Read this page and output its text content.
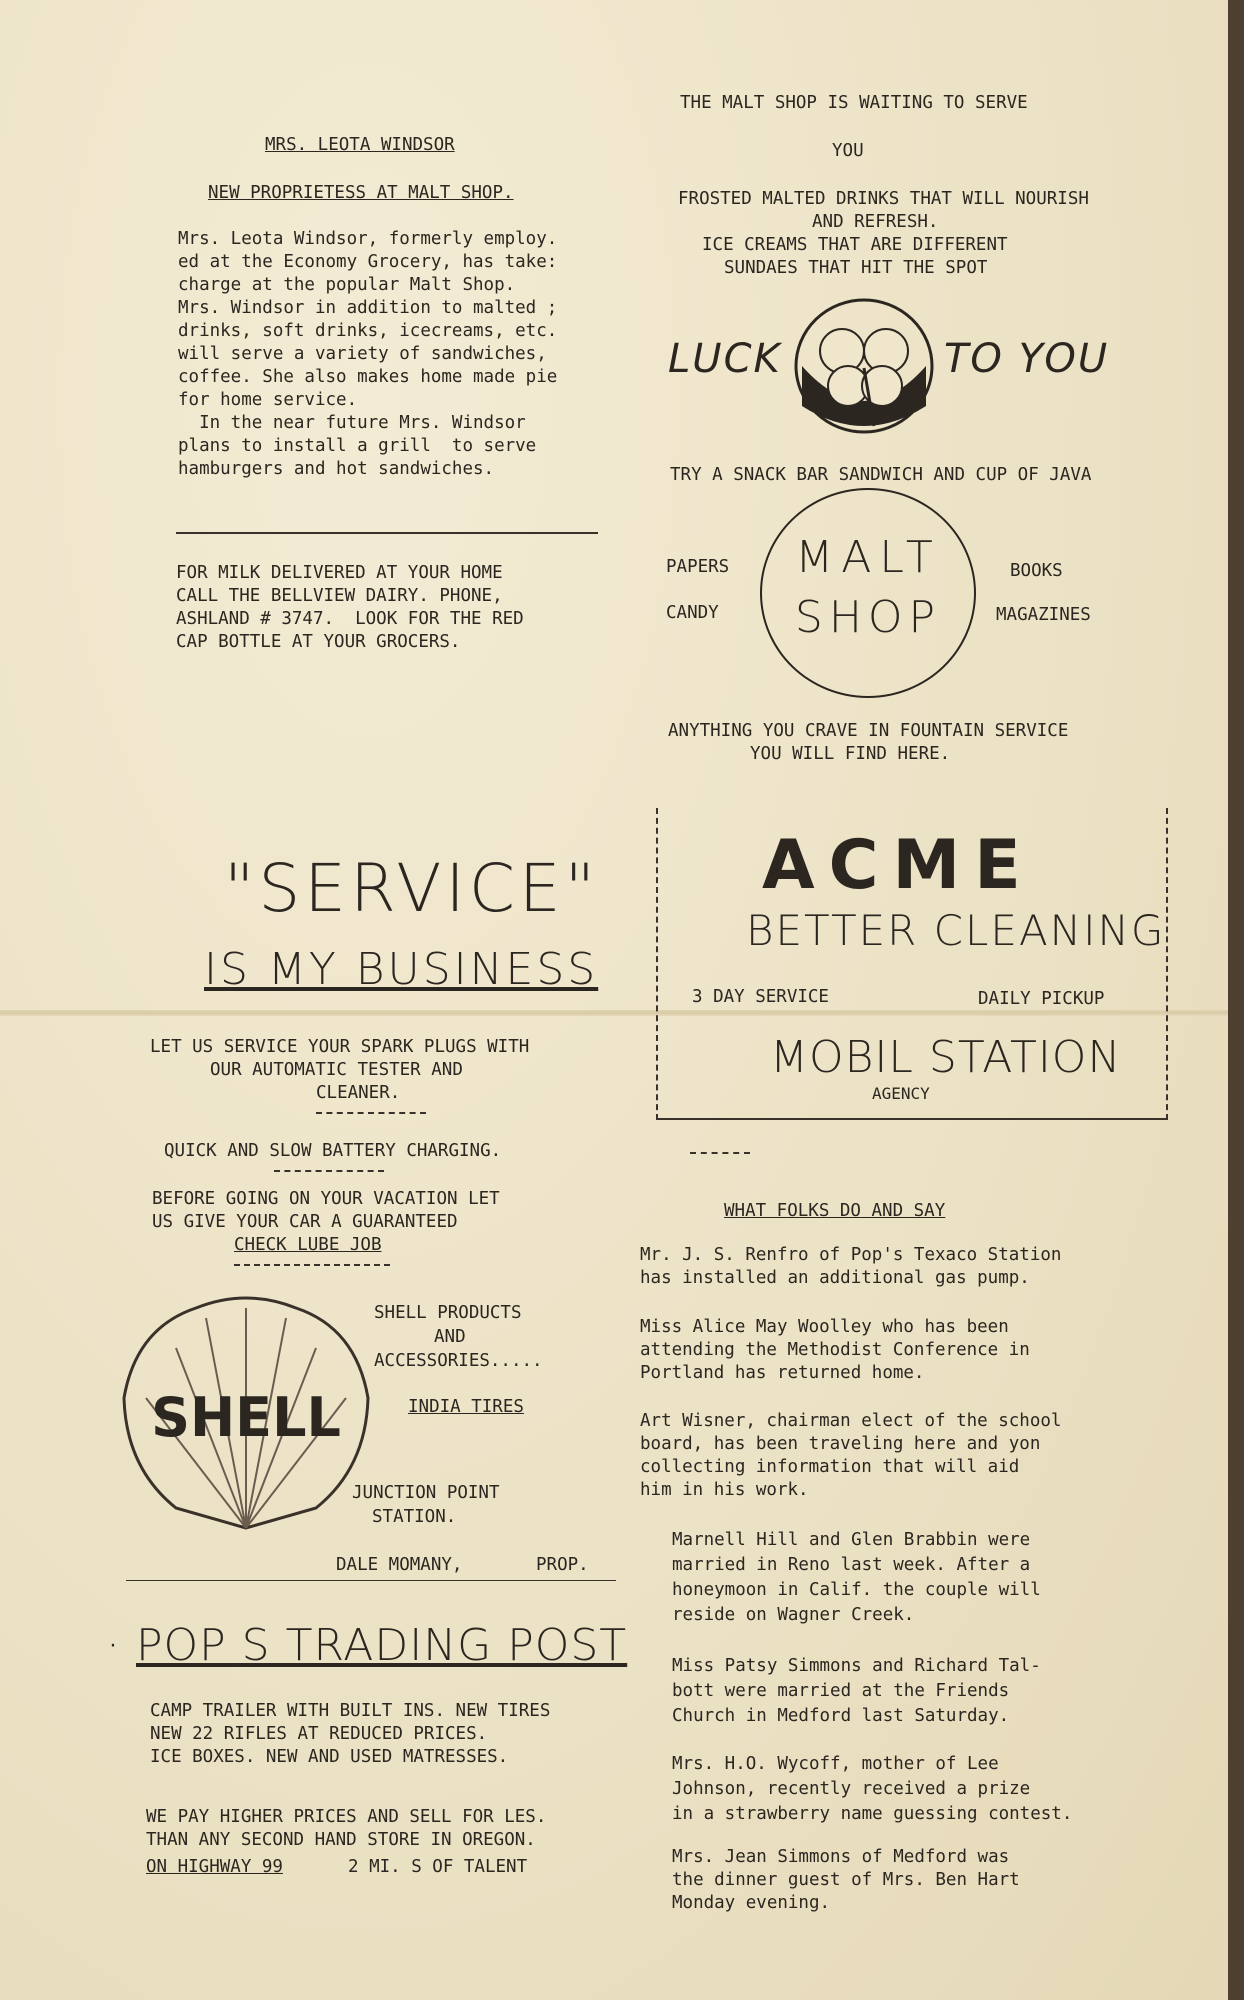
MRS. LEOTA WINDSOR
NEW PROPRIETESS AT MALT SHOP.
Mrs. Leota Windsor, formerly employ.
ed at the Economy Grocery, has take:
charge at the popular Malt Shop.
Mrs. Windsor in addition to malted ;
drinks, soft drinks, icecreams, etc.
will serve a variety of sandwiches,
coffee. She also makes home made pie
for home service.
In the near future Mrs. Windsor
plans to install a grill  to serve
hamburgers and hot sandwiches.
FOR MILK DELIVERED AT YOUR HOME
CALL THE BELLVIEW DAIRY. PHONE,
ASHLAND # 3747.  LOOK FOR THE RED
CAP BOTTLE AT YOUR GROCERS.
THE MALT SHOP IS WAITING TO SERVE
YOU
FROSTED MALTED DRINKS THAT WILL NOURISH
AND REFRESH.
ICE CREAMS THAT ARE DIFFERENT
SUNDAES THAT HIT THE SPOT
LUCK	TO YOU
TRY A SNACK BAR SANDWICH AND CUP OF JAVA
PAPERS
CANDY
MALT
SHOP
BOOKS
MAGAZINES
ANYTHING YOU CRAVE IN FOUNTAIN SERVICE
YOU WILL FIND HERE.
"SERVICE"
IS MY BUSINESS
LET US SERVICE YOUR SPARK PLUGS WITH
OUR AUTOMATIC TESTER AND
CLEANER.
QUICK AND SLOW BATTERY CHARGING.
BEFORE GOING ON YOUR VACATION LET
US GIVE YOUR CAR A GUARANTEED
CHECK LUBE JOB
SHELL
SHELL PRODUCTS
AND
ACCESSORIES.....
INDIA TIRES
JUNCTION POINT
STATION.
DALE MOMANY,	PROP.
ACME
BETTER CLEANING
3 DAY SERVICE	DAILY PICKUP
MOBIL STATION
AGENCY
· POP S TRADING POST
CAMP TRAILER WITH BUILT INS. NEW TIRES
NEW 22 RIFLES AT REDUCED PRICES.
ICE BOXES. NEW AND USED MATRESSES.
WE PAY HIGHER PRICES AND SELL FOR LES.
THAN ANY SECOND HAND STORE IN OREGON.
ON HIGHWAY 99	2 MI. S OF TALENT
WHAT FOLKS DO AND SAY
Mr. J. S. Renfro of Pop's Texaco Station
has installed an additional gas pump.
Miss Alice May Woolley who has been
attending the Methodist Conference in
Portland has returned home.
Art Wisner, chairman elect of the school
board, has been traveling here and yon
collecting information that will aid
him in his work.
Marnell Hill and Glen Brabbin were
married in Reno last week. After a
honeymoon in Calif. the couple will
reside on Wagner Creek.
Miss Patsy Simmons and Richard Tal-
bott were married at the Friends
Church in Medford last Saturday.
Mrs. H.O. Wycoff, mother of Lee
Johnson, recently received a prize
in a strawberry name guessing contest.
Mrs. Jean Simmons of Medford was
the dinner guest of Mrs. Ben Hart
Monday evening.
